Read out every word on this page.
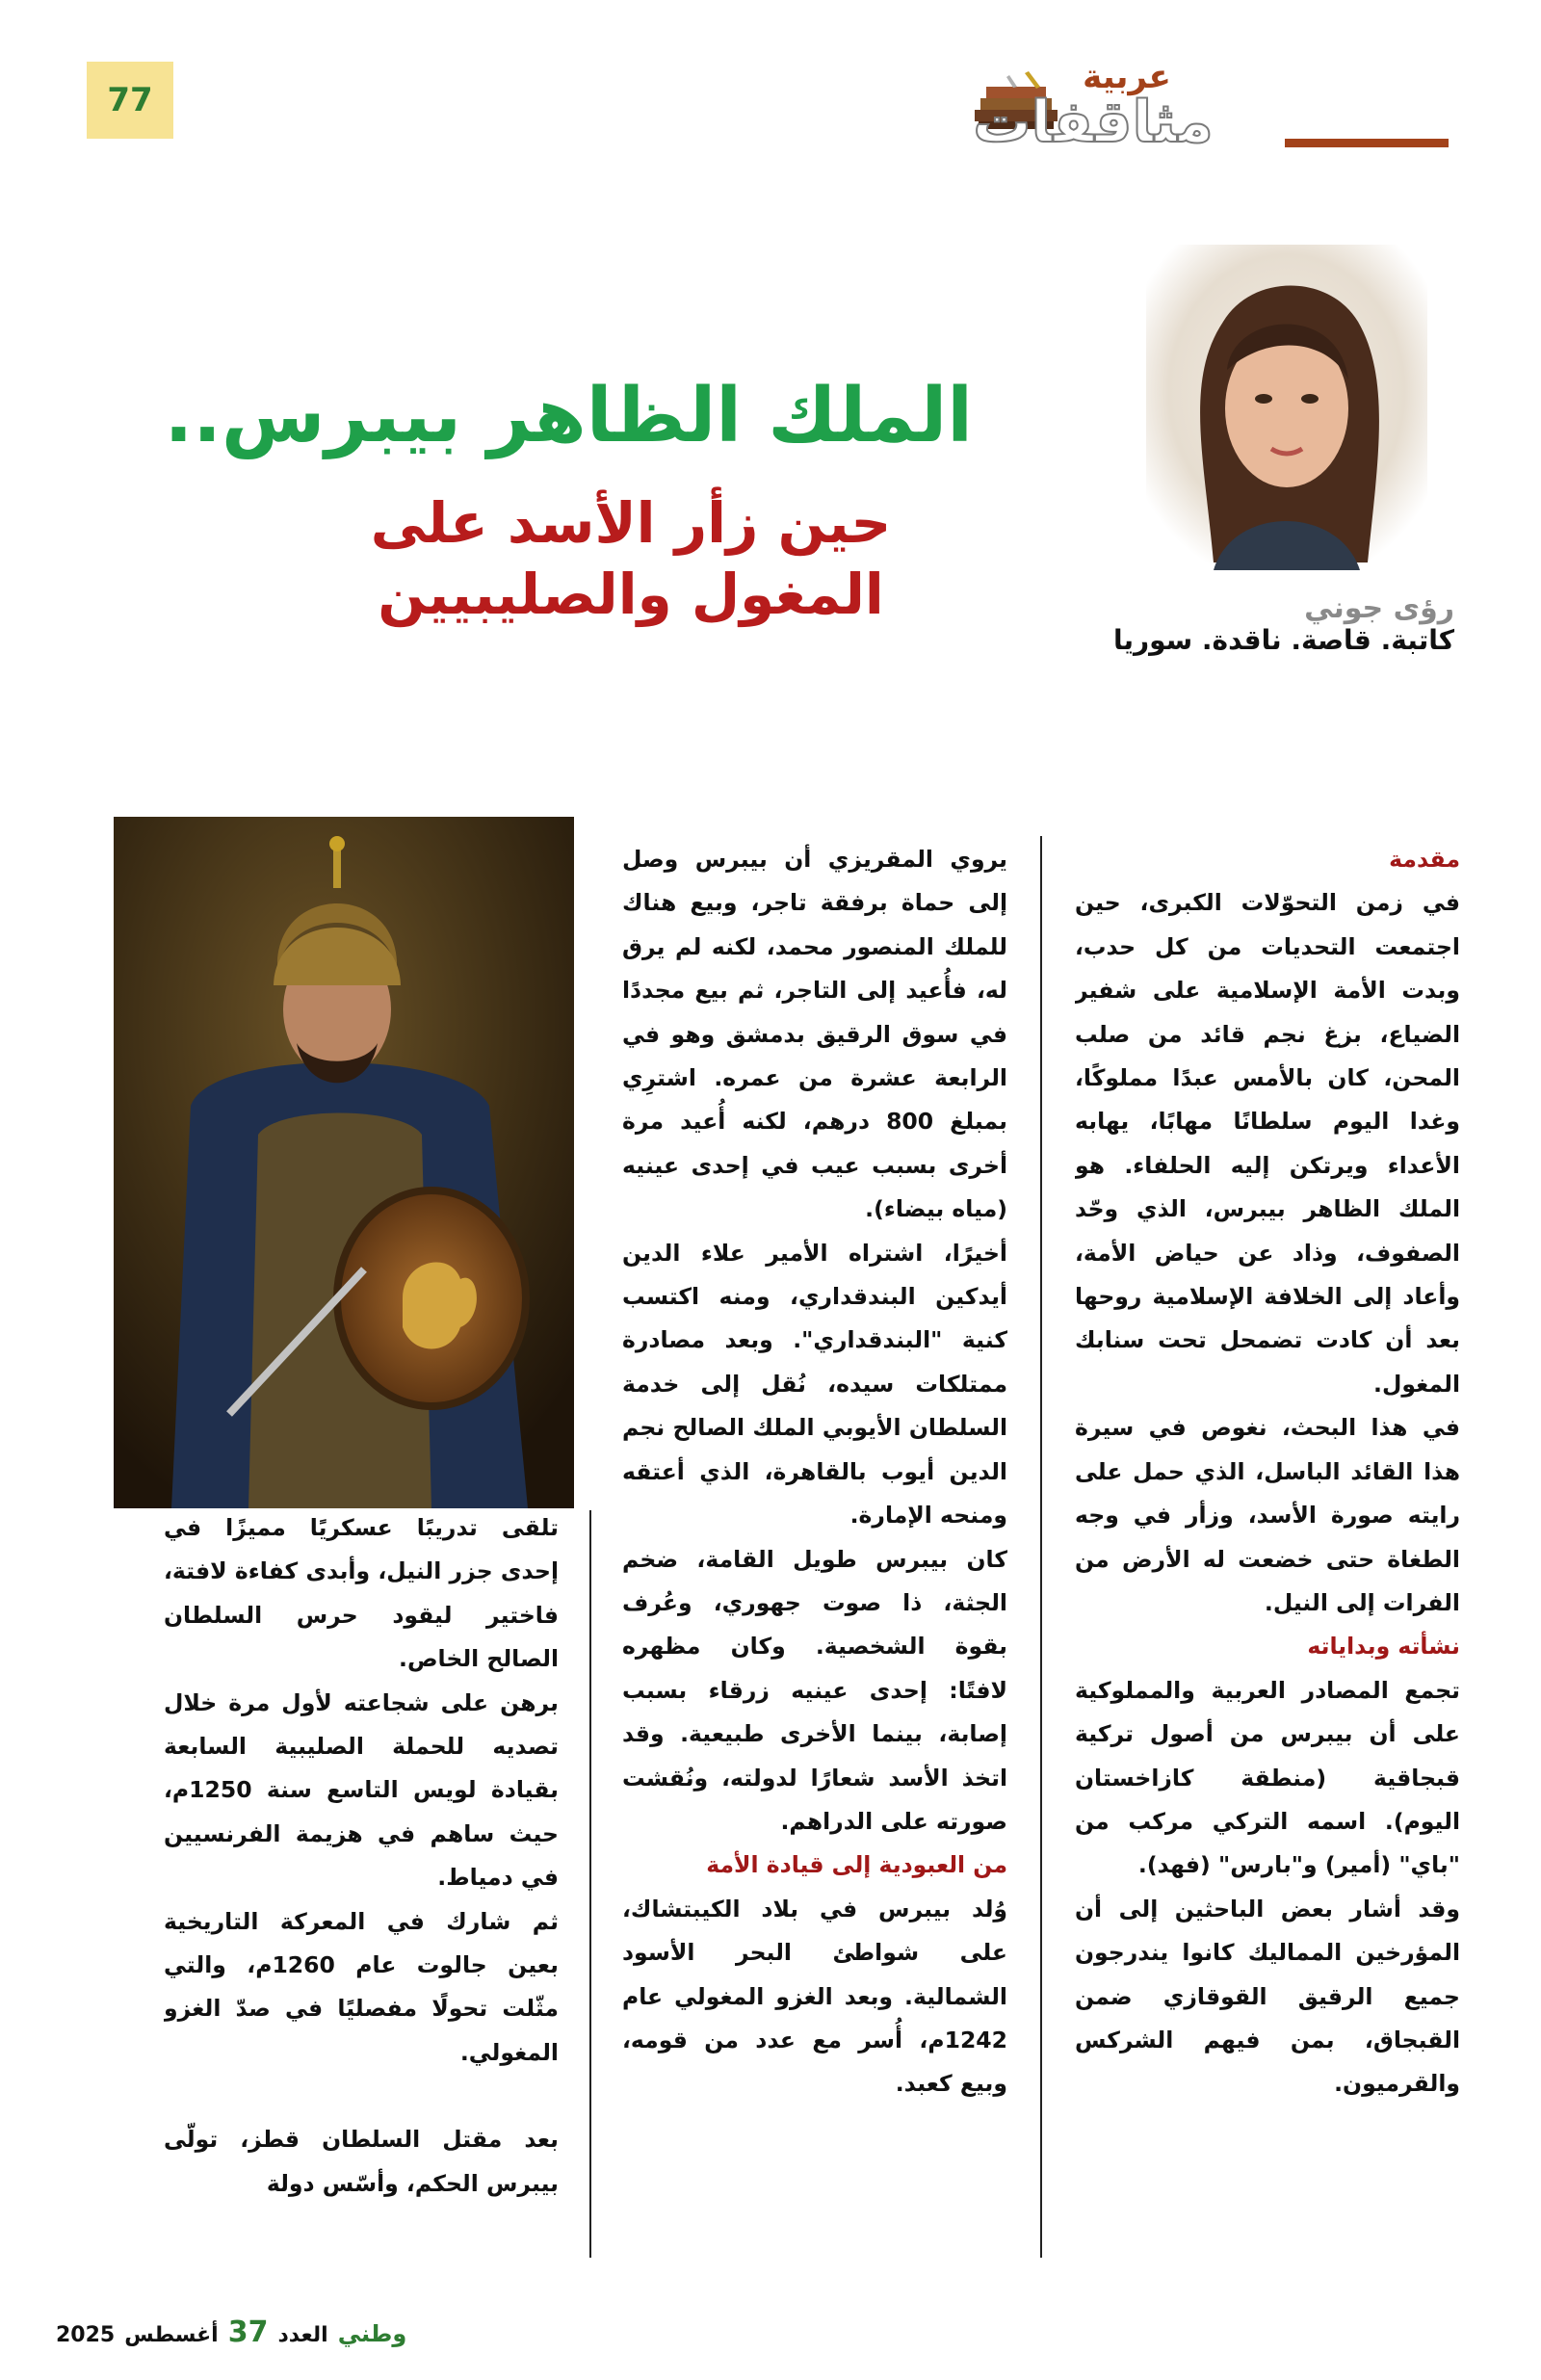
77
عربية
مثاقفات
رؤى جوني
كاتبة. قاصة. ناقدة. سوريا
الملك الظاهر بيبرس..
حين زأر الأسد على المغول والصليبيين

مقدمة

في زمن التحوّلات الكبرى، حين اجتمعت التحديات من كل حدب، وبدت الأمة الإسلامية على شفير الضياع، بزغ نجم قائد من صلب المحن، كان بالأمس عبدًا مملوكًا، وغدا اليوم سلطانًا مهابًا، يهابه الأعداء ويرتكن إليه الحلفاء. هو الملك الظاهر بيبرس، الذي وحّد الصفوف، وذاد عن حياض الأمة، وأعاد إلى الخلافة الإسلامية روحها بعد أن كادت تضمحل تحت سنابك المغول.

في هذا البحث، نغوص في سيرة هذا القائد الباسل، الذي حمل على رايته صورة الأسد، وزأر في وجه الطغاة حتى خضعت له الأرض من الفرات إلى النيل.

نشأته وبداياته

تجمع المصادر العربية والمملوكية على أن بيبرس من أصول تركية قبجاقية (منطقة كازاخستان اليوم). اسمه التركي مركب من "باي" (أمير) و"بارس" (فهد).

وقد أشار بعض الباحثين إلى أن المؤرخين المماليك كانوا يندرجون جميع الرقيق القوقازي ضمن القبجاق، بمن فيهم الشركس والقرميون.

يروي المقريزي أن بيبرس وصل إلى حماة برفقة تاجر، وبيع هناك للملك المنصور محمد، لكنه لم يرق له، فأُعيد إلى التاجر، ثم بيع مجددًا في سوق الرقيق بدمشق وهو في الرابعة عشرة من عمره. اشترِي بمبلغ 800 درهم، لكنه أُعيد مرة أخرى بسبب عيب في إحدى عينيه (مياه بيضاء).

أخيرًا، اشتراه الأمير علاء الدين أيدكين البندقداري، ومنه اكتسب كنية "البندقداري". وبعد مصادرة ممتلكات سيده، نُقل إلى خدمة السلطان الأيوبي الملك الصالح نجم الدين أيوب بالقاهرة، الذي أعتقه ومنحه الإمارة.

كان بيبرس طويل القامة، ضخم الجثة، ذا صوت جهوري، وعُرف بقوة الشخصية. وكان مظهره لافتًا: إحدى عينيه زرقاء بسبب إصابة، بينما الأخرى طبيعية. وقد اتخذ الأسد شعارًا لدولته، ونُقشت صورته على الدراهم.

من العبودية إلى قيادة الأمة

وُلد بيبرس في بلاد الكيبتشاك، على شواطئ البحر الأسود الشمالية. وبعد الغزو المغولي عام 1242م، أُسر مع عدد من قومه، وبيع كعبد.

تلقى تدريبًا عسكريًا مميزًا في إحدى جزر النيل، وأبدى كفاءة لافتة، فاختير ليقود حرس السلطان الصالح الخاص.

برهن على شجاعته لأول مرة خلال تصديه للحملة الصليبية السابعة بقيادة لويس التاسع سنة 1250م، حيث ساهم في هزيمة الفرنسيين في دمياط.

ثم شارك في المعركة التاريخية بعين جالوت عام 1260م، والتي مثّلت تحولًا مفصليًا في صدّ الغزو المغولي.

بعد مقتل السلطان قطز، تولّى بيبرس الحكم، وأسّس دولة

2025 أغسطس 37 العدد وطني
